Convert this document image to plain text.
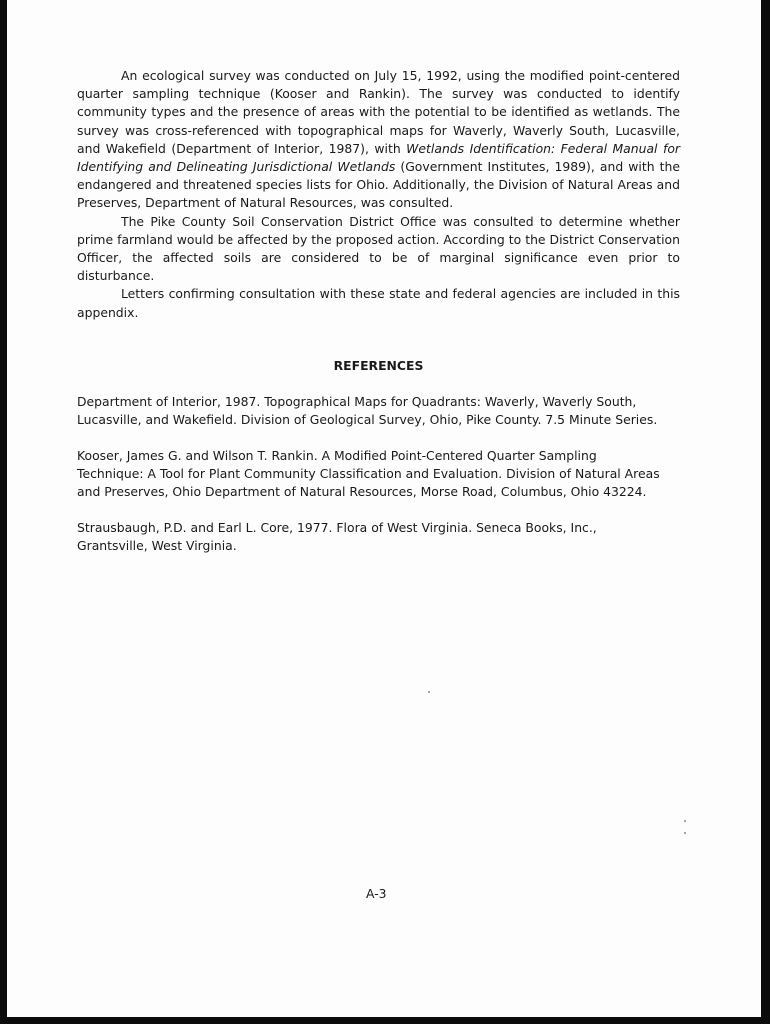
An ecological survey was conducted on July 15, 1992, using the modified point-centered quarter sampling technique (Kooser and Rankin). The survey was conducted to identify community types and the presence of areas with the potential to be identified as wetlands. The survey was cross-referenced with topographical maps for Waverly, Waverly South, Lucasville, and Wakefield (Department of Interior, 1987), with Wetlands Identification: Federal Manual for Identifying and Delineating Jurisdictional Wetlands (Government Institutes, 1989), and with the endangered and threatened species lists for Ohio. Additionally, the Division of Natural Areas and Preserves, Department of Natural Resources, was consulted.

The Pike County Soil Conservation District Office was consulted to determine whether prime farmland would be affected by the proposed action. According to the District Conservation Officer, the affected soils are considered to be of marginal significance even prior to disturbance.

Letters confirming consultation with these state and federal agencies are included in this appendix.

REFERENCES

Department of Interior, 1987. Topographical Maps for Quadrants: Waverly, Waverly South, Lucasville, and Wakefield. Division of Geological Survey, Ohio, Pike County. 7.5 Minute Series.

Kooser, James G. and Wilson T. Rankin. A Modified Point-Centered Quarter Sampling Technique: A Tool for Plant Community Classification and Evaluation. Division of Natural Areas and Preserves, Ohio Department of Natural Resources, Morse Road, Columbus, Ohio 43224.

Strausbaugh, P.D. and Earl L. Core, 1977. Flora of West Virginia. Seneca Books, Inc., Grantsville, West Virginia.

A-3
